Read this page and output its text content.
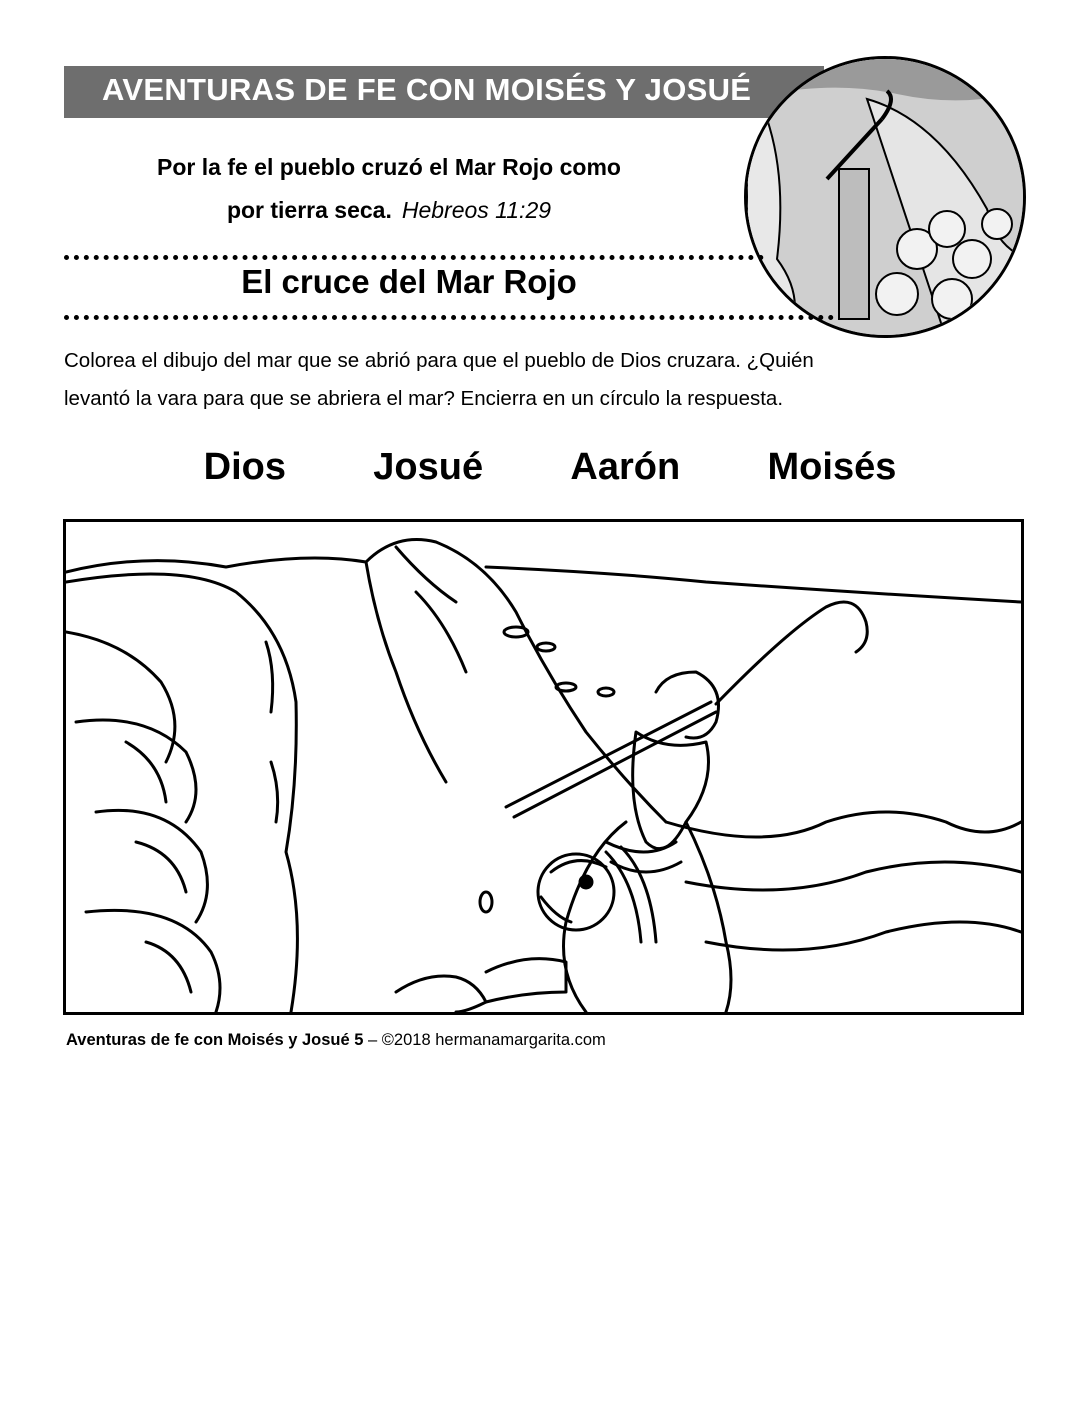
AVENTURAS DE FE CON MOISÉS Y JOSUÉ
Por la fe el pueblo cruzó el Mar Rojo como
por tierra seca. Hebreos 11:29
El cruce del Mar Rojo
Colorea el dibujo del mar que se abrió para que el pueblo de Dios cruzara. ¿Quién
levantó la vara para que se abriera el mar? Encierra en un círculo la respuesta.
Dios Josué Aarón Moisés
Aventuras de fe con Moisés y Josué 5 – ©2018 hermanamargarita.com
